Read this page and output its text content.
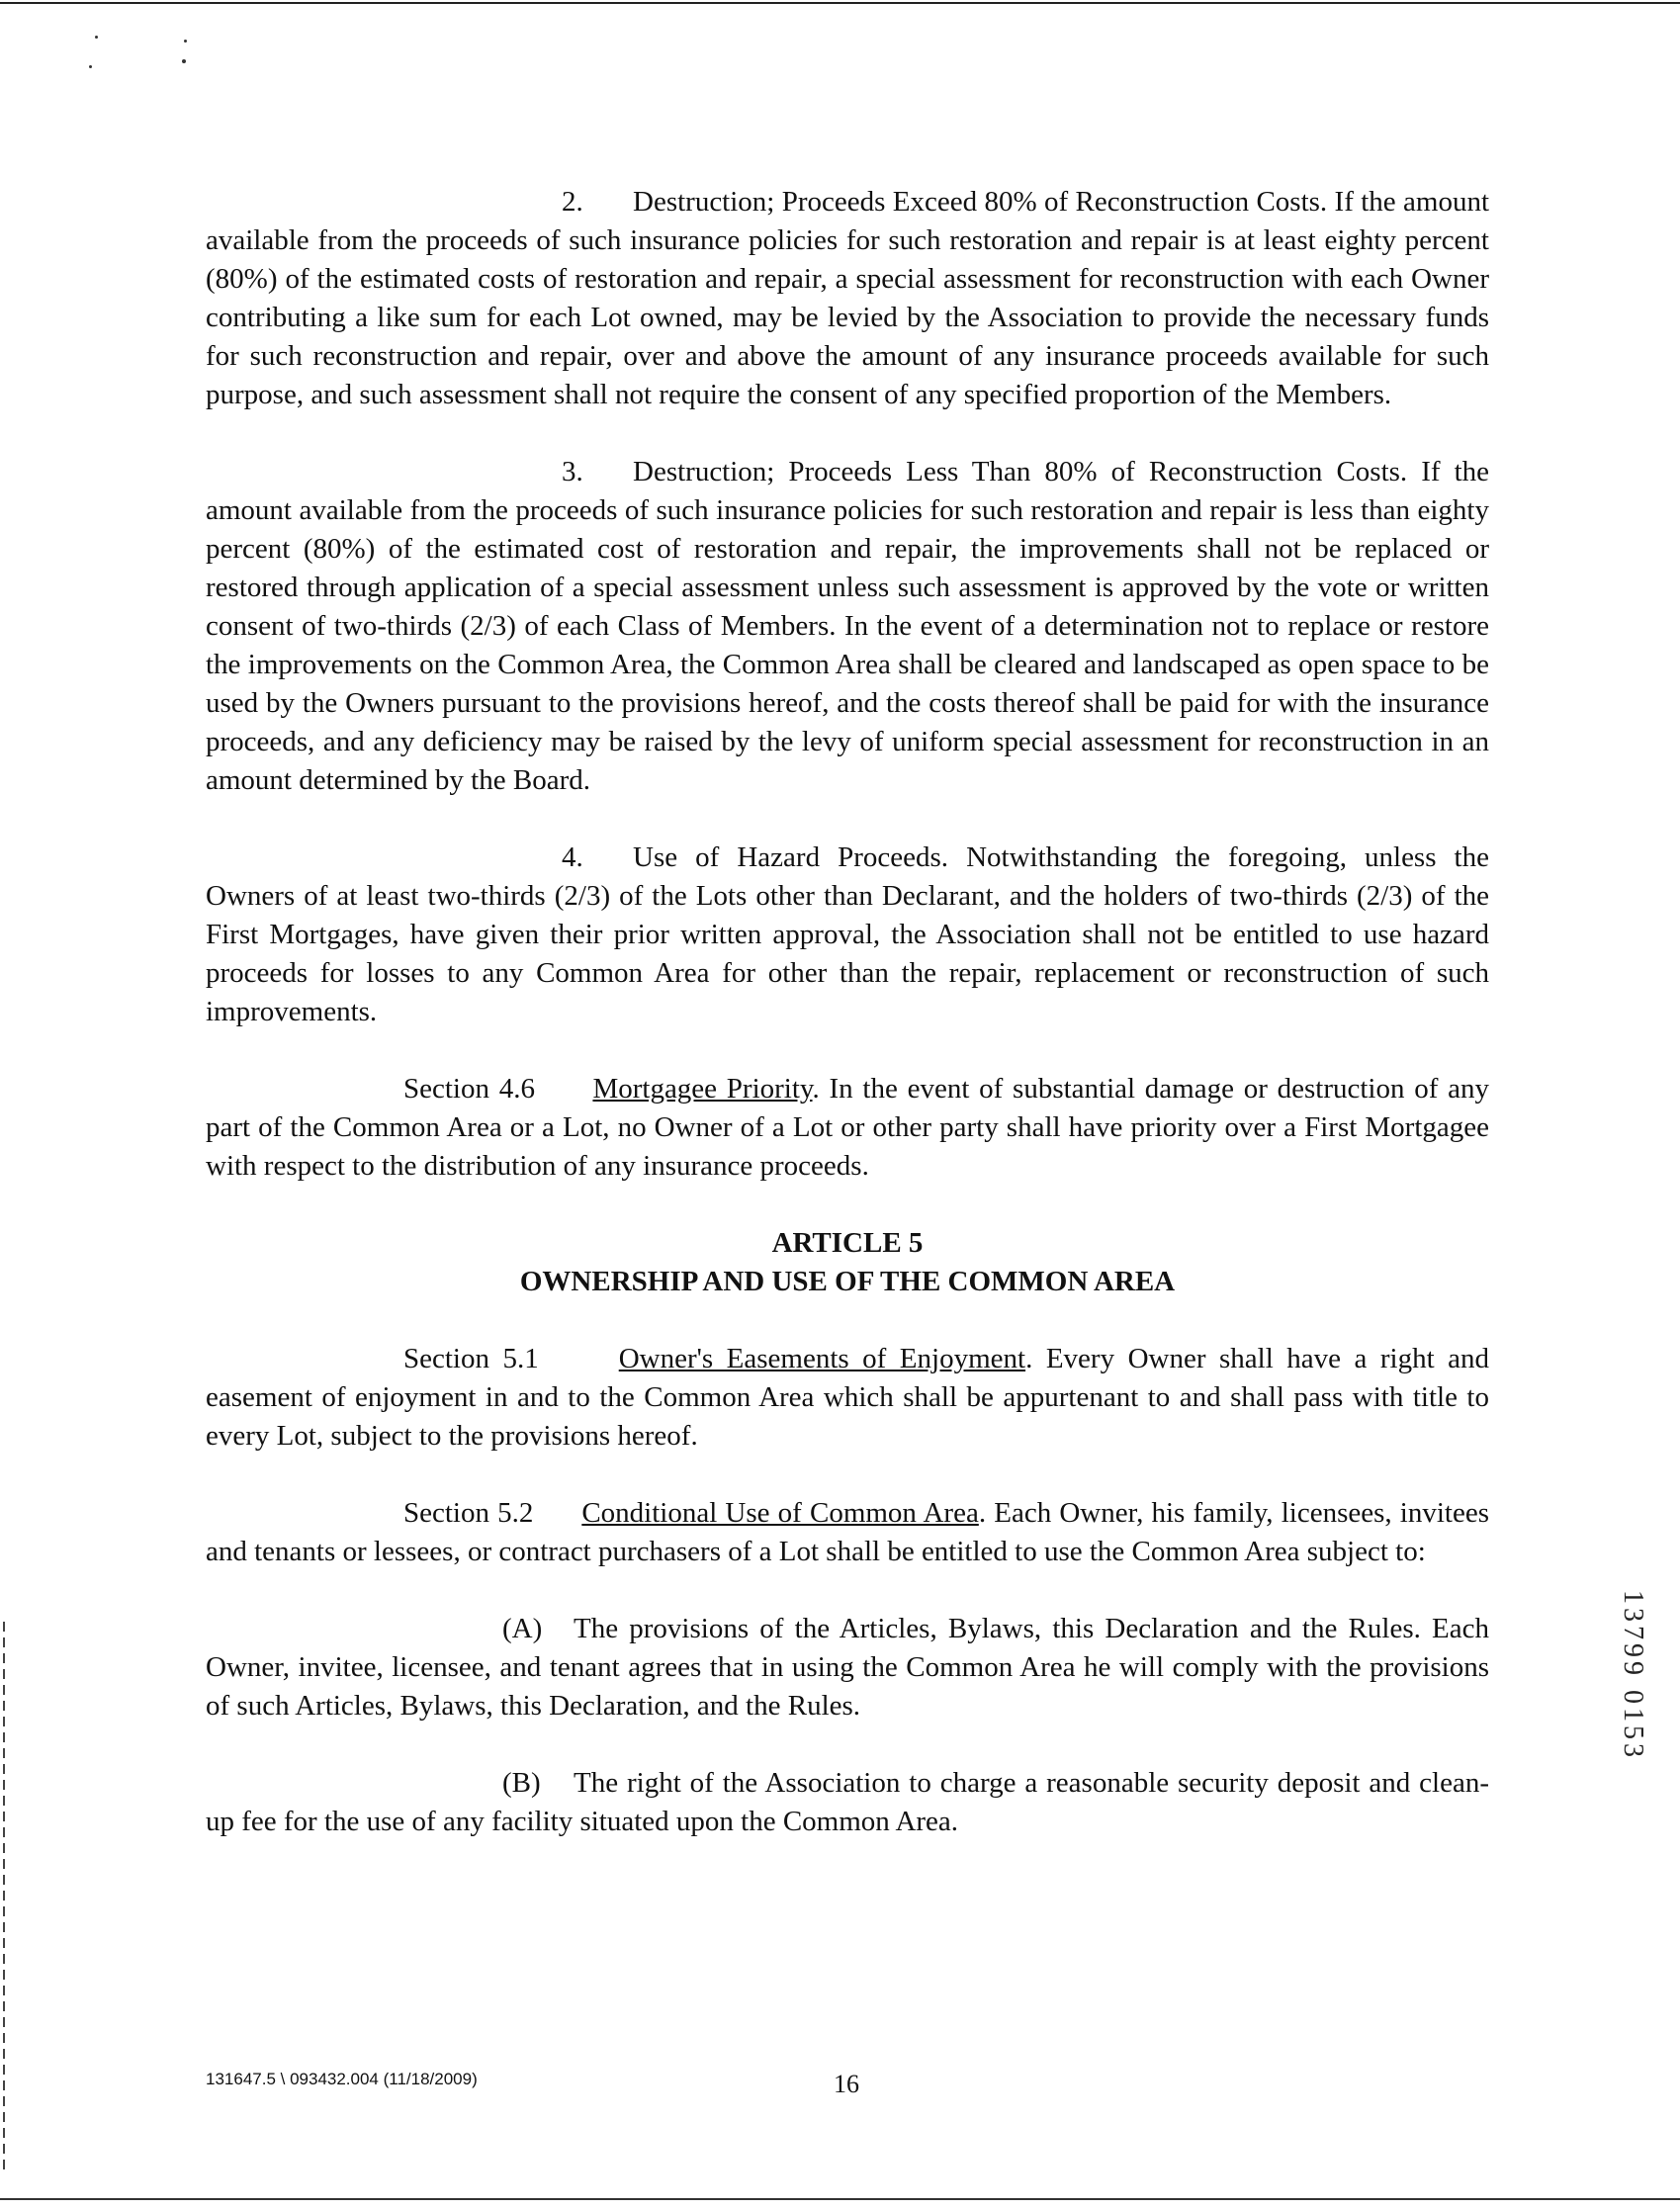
2. Destruction; Proceeds Exceed 80% of Reconstruction Costs. If the amount available from the proceeds of such insurance policies for such restoration and repair is at least eighty percent (80%) of the estimated costs of restoration and repair, a special assessment for reconstruction with each Owner contributing a like sum for each Lot owned, may be levied by the Association to provide the necessary funds for such reconstruction and repair, over and above the amount of any insurance proceeds available for such purpose, and such assessment shall not require the consent of any specified proportion of the Members.

3. Destruction; Proceeds Less Than 80% of Reconstruction Costs. If the amount available from the proceeds of such insurance policies for such restoration and repair is less than eighty percent (80%) of the estimated cost of restoration and repair, the improvements shall not be replaced or restored through application of a special assessment unless such assessment is approved by the vote or written consent of two-thirds (2/3) of each Class of Members. In the event of a determination not to replace or restore the improvements on the Common Area, the Common Area shall be cleared and landscaped as open space to be used by the Owners pursuant to the provisions hereof, and the costs thereof shall be paid for with the insurance proceeds, and any deficiency may be raised by the levy of uniform special assessment for reconstruction in an amount determined by the Board.

4. Use of Hazard Proceeds. Notwithstanding the foregoing, unless the Owners of at least two-thirds (2/3) of the Lots other than Declarant, and the holders of two-thirds (2/3) of the First Mortgages, have given their prior written approval, the Association shall not be entitled to use hazard proceeds for losses to any Common Area for other than the repair, replacement or reconstruction of such improvements.

Section 4.6 Mortgagee Priority. In the event of substantial damage or destruction of any part of the Common Area or a Lot, no Owner of a Lot or other party shall have priority over a First Mortgagee with respect to the distribution of any insurance proceeds.

ARTICLE 5

OWNERSHIP AND USE OF THE COMMON AREA

Section 5.1	Owner's Easements of Enjoyment. Every Owner shall have a right and easement of enjoyment in and to the Common Area which shall be appurtenant to and shall pass with title to every Lot, subject to the provisions hereof.

Section 5.2 Conditional Use of Common Area. Each Owner, his family, licensees, invitees and tenants or lessees, or contract purchasers of a Lot shall be entitled to use the Common Area subject to:

(A) The provisions of the Articles, Bylaws, this Declaration and the Rules. Each Owner, invitee, licensee, and tenant agrees that in using the Common Area he will comply with the provisions of such Articles, Bylaws, this Declaration, and the Rules.

(B) The right of the Association to charge a reasonable security deposit and clean-up fee for the use of any facility situated upon the Common Area.

13799 0153
131647.5 \ 093432.004 (11/18/2009)	16
